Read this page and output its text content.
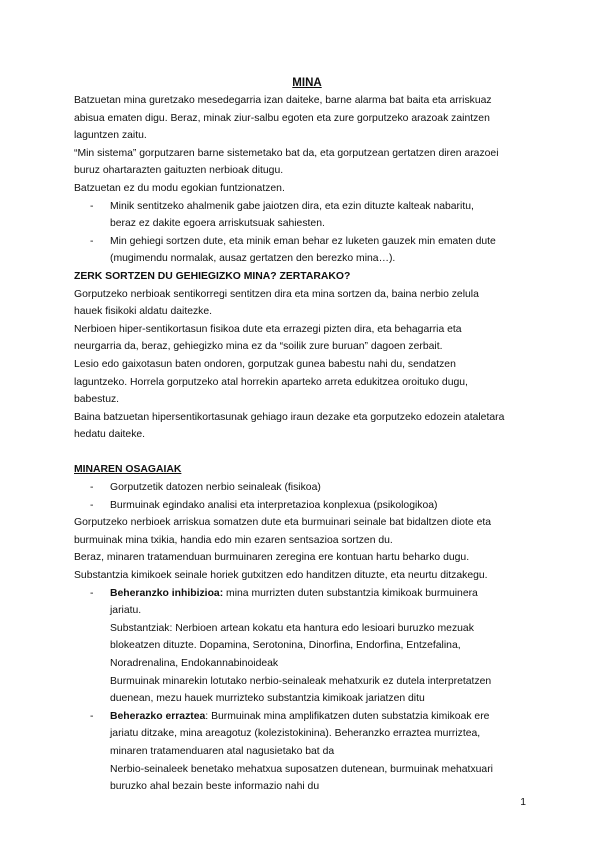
MINA

Batzuetan mina guretzako mesedegarria izan daiteke, barne alarma bat baita eta arriskuaz

abisua ematen digu. Beraz, minak ziur-salbu egoten eta zure gorputzeko arazoak zaintzen

laguntzen zaitu.

“Min sistema” gorputzaren barne sistemetako bat da, eta gorputzean gertatzen diren arazoei

buruz ohartarazten gaituzten nerbioak ditugu.

Batzuetan ez du modu egokian funtzionatzen.

- Minik sentitzeko ahalmenik gabe jaiotzen dira, eta ezin dituzte kalteak nabaritu,
beraz ez dakite egoera arriskutsuak sahiesten.
- Min gehiegi sortzen dute, eta minik eman behar ez luketen gauzek min ematen dute
(mugimendu normalak, ausaz gertatzen den berezko mina…).

ZERK SORTZEN DU GEHIEGIZKO MINA? ZERTARAKO?

Gorputzeko nerbioak sentikorregi sentitzen dira eta mina sortzen da, baina nerbio zelula

hauek fisikoki aldatu daitezke.

Nerbioen hiper-sentikortasun fisikoa dute eta errazegi pizten dira, eta behagarria eta

neurgarria da, beraz, gehiegizko mina ez da “soilik zure buruan” dagoen zerbait.

Lesio edo gaixotasun baten ondoren, gorputzak gunea babestu nahi du, sendatzen

laguntzeko. Horrela gorputzeko atal horrekin aparteko arreta edukitzea oroituko dugu,

babestuz.

Baina batzuetan hipersentikortasunak gehiago iraun dezake eta gorputzeko edozein ataletara

hedatu daiteke.

MINAREN OSAGAIAK

- Gorputzetik datozen nerbio seinaleak (fisikoa)
- Burmuinak egindako analisi eta interpretazioa konplexua (psikologikoa)

Gorputzeko nerbioek arriskua somatzen dute eta burmuinari seinale bat bidaltzen diote eta

burmuinak mina txikia, handia edo min ezaren sentsazioa sortzen du.

Beraz, minaren tratamenduan burmuinaren zeregina ere kontuan hartu beharko dugu.

Substantzia kimikoek seinale horiek gutxitzen edo handitzen dituzte, eta neurtu ditzakegu.

- Beheranzko inhibizioa: mina murrizten duten substantzia kimikoak burmuinera
jariatu.
Substantziak: Nerbioen artean kokatu eta hantura edo lesioari buruzko mezuak
blokeatzen dituzte. Dopamina, Serotonina, Dinorfina, Endorfina, Entzefalina,
Noradrenalina, Endokannabinoideak
Burmuinak minarekin lotutako nerbio-seinaleak mehatxurik ez dutela interpretatzen
duenean, mezu hauek murrizteko substantzia kimikoak jariatzen ditu
- Beherazko erraztea: Burmuinak mina amplifikatzen duten substatzia kimikoak ere
jariatu ditzake, mina areagotuz (kolezistokinina). Beheranzko erraztea murriztea,
minaren tratamenduaren atal nagusietako bat da
Nerbio-seinaleek benetako mehatxua suposatzen dutenean, burmuinak mehatxuari
buruzko ahal bezain beste informazio nahi du
1
